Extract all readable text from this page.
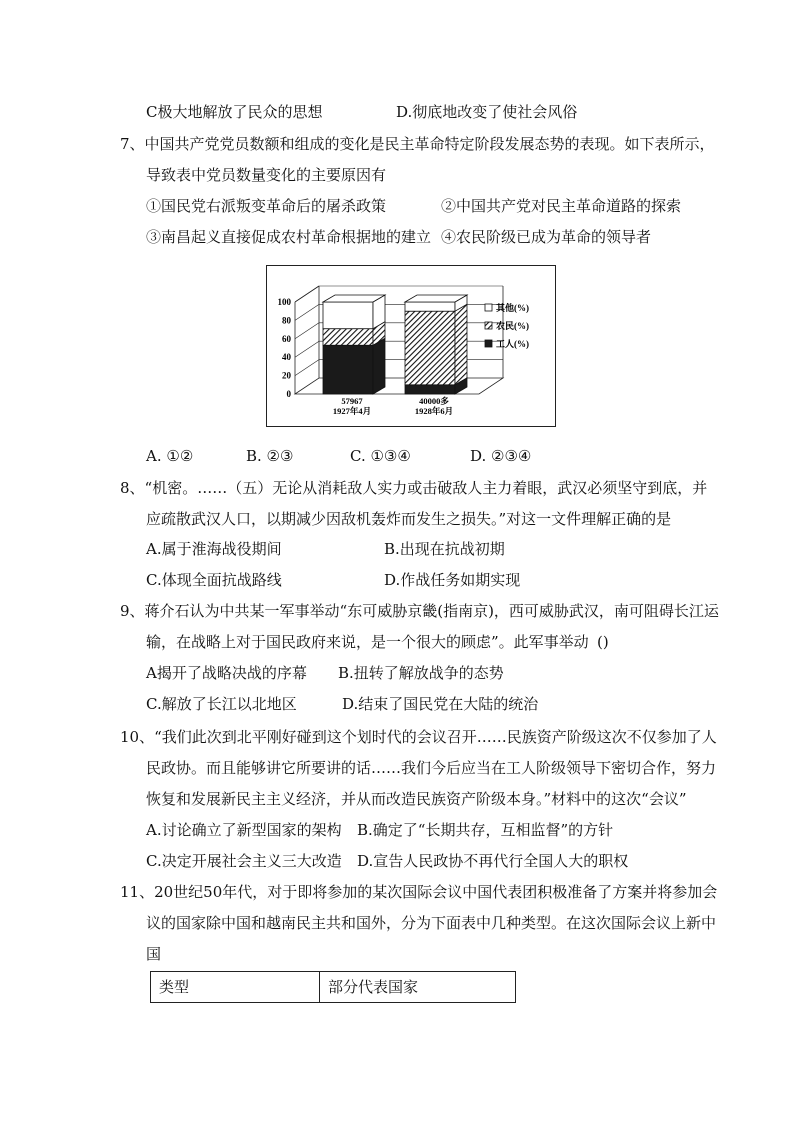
C极大地解放了民众的思想	D.彻底地改变了使社会风俗
7、中国共产党党员数额和组成的变化是民主革命特定阶段发展态势的表现。如下表所示，
导致表中党员数量变化的主要原因有
①国民党右派叛变革命后的屠杀政策	②中国共产党对民主革命道路的探索
③南昌起义直接促成农村革命根据地的建立 ④农民阶级已成为革命的领导者
0
20
40
60
80
100
57967
1927年4月
40000多
1928年6月
其他(%)
农民(%)
工人(%)
A. ①②	B. ②③	C. ①③④	D. ②③④
8、“机密。……（五）无论从消耗敌人实力或击破敌人主力着眼，武汉必须坚守到底，并
应疏散武汉人口，以期减少因敌机轰炸而发生之损失。”对这一文件理解正确的是
A.属于淮海战役期间	B.出现在抗战初期
C.体现全面抗战路线	D.作战任务如期实现
9、蒋介石认为中共某一军事举动“东可威胁京畿(指南京)，西可威胁武汉，南可阻碍长江运
输，在战略上对于国民政府来说，是一个很大的顾虑”。此军事举动 ()
A揭开了战略决战的序幕 B.扭转了解放战争的态势
C.解放了长江以北地区	D.结束了国民党在大陆的统治
10、“我们此次到北平刚好碰到这个划时代的会议召开……民族资产阶级这次不仅参加了人
民政协。而且能够讲它所要讲的话……我们今后应当在工人阶级领导下密切合作，努力
恢复和发展新民主主义经济，并从而改造民族资产阶级本身。”材料中的这次“会议”
A.讨论确立了新型国家的架构 B.确定了“长期共存，互相监督”的方针
C.决定开展社会主义三大改造 D.宣告人民政协不再代行全国人大的职权
11、20世纪50年代，对于即将参加的某次国际会议中国代表团积极准备了方案并将参加会
议的国家除中国和越南民主共和国外，分为下面表中几种类型。在这次国际会议上新中
国
类型	部分代表国家
